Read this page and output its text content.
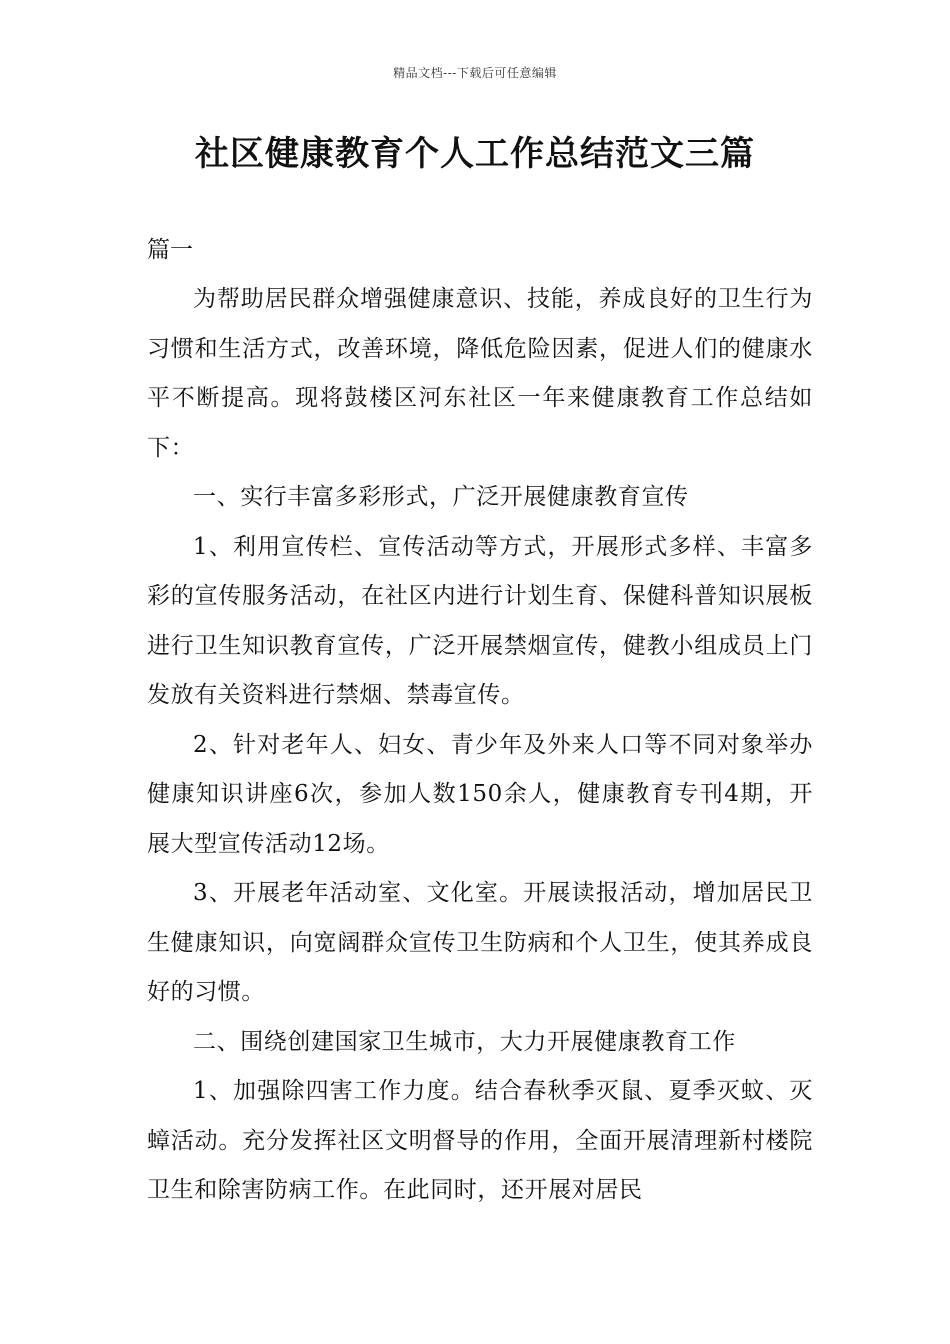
精品文档---下载后可任意编辑
社区健康教育个人工作总结范文三篇
篇一

为帮助居民群众增强健康意识、技能，养成良好的卫生行为习惯和生活方式，改善环境，降低危险因素，促进人们的健康水平不断提高。现将鼓楼区河东社区一年来健康教育工作总结如下：

一、实行丰富多彩形式，广泛开展健康教育宣传

1、利用宣传栏、宣传活动等方式，开展形式多样、丰富多彩的宣传服务活动，在社区内进行计划生育、保健科普知识展板进行卫生知识教育宣传，广泛开展禁烟宣传，健教小组成员上门发放有关资料进行禁烟、禁毒宣传。

2、针对老年人、妇女、青少年及外来人口等不同对象举办健康知识讲座6次，参加人数150余人，健康教育专刊4期，开展大型宣传活动12场。

3、开展老年活动室、文化室。开展读报活动，增加居民卫生健康知识，向宽阔群众宣传卫生防病和个人卫生，使其养成良好的习惯。

二、围绕创建国家卫生城市，大力开展健康教育工作

1、加强除四害工作力度。结合春秋季灭鼠、夏季灭蚊、灭蟑活动。充分发挥社区文明督导的作用，全面开展清理新村楼院卫生和除害防病工作。在此同时，还开展对居民
